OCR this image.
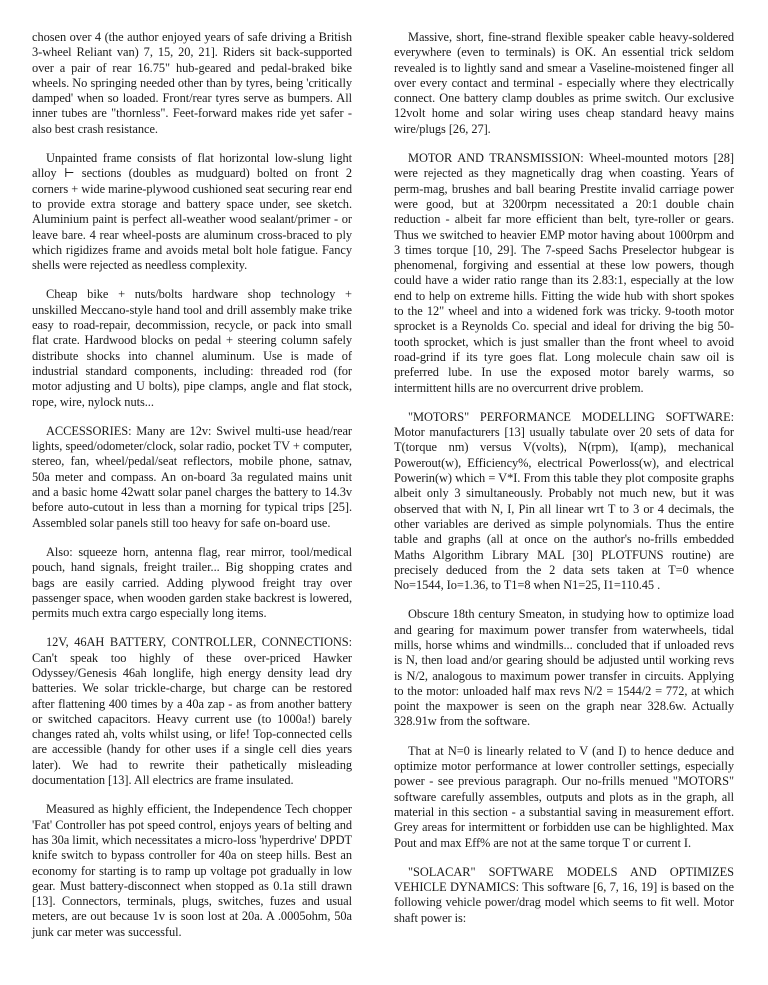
chosen over 4 (the author enjoyed years of safe driving a British 3-wheel Reliant van) 7, 15, 20, 21]. Riders sit back-supported over a pair of rear 16.75" hub-geared and pedal-braked bike wheels. No springing needed other than by tyres, being 'critically damped' when so loaded. Front/rear tyres serve as bumpers. All inner tubes are "thornless". Feet-forward makes ride yet safer - also best crash resistance.

Unpainted frame consists of flat horizontal low-slung light alloy ⊢ sections (doubles as mudguard) bolted on front 2 corners + wide marine-plywood cushioned seat securing rear end to provide extra storage and battery space under, see sketch. Aluminium paint is perfect all-weather wood sealant/primer - or leave bare. 4 rear wheel-posts are aluminum cross-braced to ply which rigidizes frame and avoids metal bolt hole fatigue. Fancy shells were rejected as needless complexity.

Cheap bike + nuts/bolts hardware shop technology + unskilled Meccano-style hand tool and drill assembly make trike easy to road-repair, decommission, recycle, or pack into small flat crate. Hardwood blocks on pedal + steering column safely distribute shocks into channel aluminum. Use is made of industrial standard components, including: threaded rod (for motor adjusting and U bolts), pipe clamps, angle and flat stock, rope, wire, nylock nuts...

ACCESSORIES: Many are 12v: Swivel multi-use head/rear lights, speed/odometer/clock, solar radio, pocket TV + computer, stereo, fan, wheel/pedal/seat reflectors, mobile phone, satnav, 50a meter and compass. An on-board 3a regulated mains unit and a basic home 42watt solar panel charges the battery to 14.3v before auto-cutout in less than a morning for typical trips [25]. Assembled solar panels still too heavy for safe on-board use.

Also: squeeze horn, antenna flag, rear mirror, tool/medical pouch, hand signals, freight trailer... Big shopping crates and bags are easily carried. Adding plywood freight tray over passenger space, when wooden garden stake backrest is lowered, permits much extra cargo especially long items.

12V, 46AH BATTERY, CONTROLLER, CONNECTIONS: Can't speak too highly of these over-priced Hawker Odyssey/Genesis 46ah longlife, high energy density lead dry batteries. We solar trickle-charge, but charge can be restored after flattening 400 times by a 40a zap - as from another battery or switched capacitors. Heavy current use (to 1000a!) barely changes rated ah, volts whilst using, or life! Top-connected cells are accessible (handy for other uses if a single cell dies years later). We had to rewrite their pathetically misleading documentation [13]. All electrics are frame insulated.

Measured as highly efficient, the Independence Tech chopper 'Fat' Controller has pot speed control, enjoys years of belting and has 30a limit, which necessitates a micro-loss 'hyperdrive' DPDT knife switch to bypass controller for 40a on steep hills. Best an economy for starting is to ramp up voltage pot gradually in low gear. Must battery-disconnect when stopped as 0.1a still drawn [13]. Connectors, terminals, plugs, switches, fuzes and usual meters, are out because 1v is soon lost at 20a. A .0005ohm, 50a junk car meter was successful.

Massive, short, fine-strand flexible speaker cable heavy-soldered everywhere (even to terminals) is OK. An essential trick seldom revealed is to lightly sand and smear a Vaseline-moistened finger all over every contact and terminal - especially where they electrically connect. One battery clamp doubles as prime switch. Our exclusive 12volt home and solar wiring uses cheap standard heavy mains wire/plugs [26, 27].

MOTOR AND TRANSMISSION: Wheel-mounted motors [28] were rejected as they magnetically drag when coasting. Years of perm-mag, brushes and ball bearing Prestite invalid carriage power were good, but at 3200rpm necessitated a 20:1 double chain reduction - albeit far more efficient than belt, tyre-roller or gears. Thus we switched to heavier EMP motor having about 1000rpm and 3 times torque [10, 29]. The 7-speed Sachs Preselector hubgear is phenomenal, forgiving and essential at these low powers, though could have a wider ratio range than its 2.83:1, especially at the low end to help on extreme hills. Fitting the wide hub with short spokes to the 12" wheel and into a widened fork was tricky. 9-tooth motor sprocket is a Reynolds Co. special and ideal for driving the big 50-tooth sprocket, which is just smaller than the front wheel to avoid road-grind if its tyre goes flat. Long molecule chain saw oil is preferred lube. In use the exposed motor barely warms, so intermittent hills are no overcurrent drive problem.

"MOTORS" PERFORMANCE MODELLING SOFTWARE: Motor manufacturers [13] usually tabulate over 20 sets of data for T(torque nm) versus V(volts), N(rpm), I(amp), mechanical Powerout(w), Efficiency%, electrical Powerloss(w), and electrical Powerin(w) which = V*I. From this table they plot composite graphs albeit only 3 simultaneously. Probably not much new, but it was observed that with N, I, Pin all linear wrt T to 3 or 4 decimals, the other variables are derived as simple polynomials. Thus the entire table and graphs (all at once on the author's no-frills embedded Maths Algorithm Library MAL [30] PLOTFUNS routine) are precisely deduced from the 2 data sets taken at T=0 whence No=1544, Io=1.36, to T1=8 when N1=25, I1=110.45 .

Obscure 18th century Smeaton, in studying how to optimize load and gearing for maximum power transfer from waterwheels, tidal mills, horse whims and windmills... concluded that if unloaded revs is N, then load and/or gearing should be adjusted until working revs is N/2, analogous to maximum power transfer in circuits. Applying to the motor: unloaded half max revs N/2 = 1544/2 = 772, at which point the maxpower is seen on the graph near 328.6w. Actually 328.91w from the software.

That at N=0 is linearly related to V (and I) to hence deduce and optimize motor performance at lower controller settings, especially power - see previous paragraph. Our no-frills menued "MOTORS" software carefully assembles, outputs and plots as in the graph, all material in this section - a substantial saving in measurement effort. Grey areas for intermittent or forbidden use can be highlighted. Max Pout and max Eff% are not at the same torque T or current I.

"SOLACAR" SOFTWARE MODELS AND OPTIMIZES VEHICLE DYNAMICS: This software [6, 7, 16, 19] is based on the following vehicle power/drag model which seems to fit well. Motor shaft power is:
